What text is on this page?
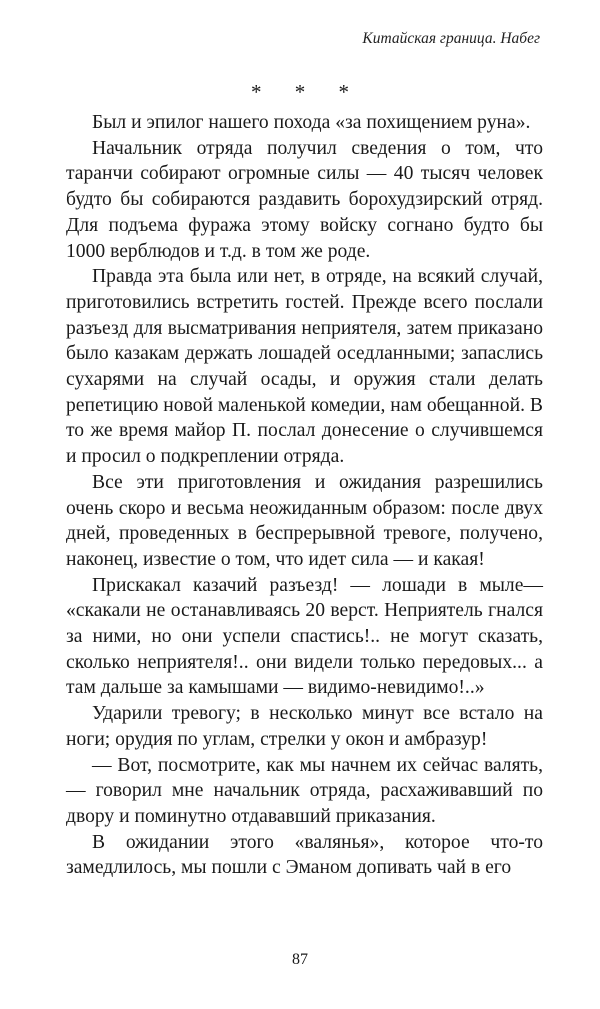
Китайская граница. Набег
* * *

Был и эпилог нашего похода «за похищением руна».

Начальник отряда получил сведения о том, что таранчи собирают огромные силы — 40 тысяч человек будто бы собираются раздавить борохудзирский отряд. Для подъема фуража этому войску согнано будто бы 1000 верблюдов и т.д. в том же роде.

Правда эта была или нет, в отряде, на всякий случай, приготовились встретить гостей. Прежде всего послали разъезд для высматривания неприятеля, затем приказано было казакам держать лошадей оседланными; запаслись сухарями на случай осады, и оружия стали делать репетицию новой маленькой комедии, нам обещанной. В то же время майор П. послал донесение о случившемся и просил о подкреплении отряда.

Все эти приготовления и ожидания разрешились очень скоро и весьма неожиданным образом: после двух дней, проведенных в беспрерывной тревоге, получено, наконец, известие о том, что идет сила — и какая!

Прискакал казачий разъезд! — лошади в мыле— «скакали не останавливаясь 20 верст. Неприятель гнался за ними, но они успели спастись!.. не могут сказать, сколько неприятеля!.. они видели только передовых... а там дальше за камышами — видимо-невидимо!..»

Ударили тревогу; в несколько минут все встало на ноги; орудия по углам, стрелки у окон и амбразур!

— Вот, посмотрите, как мы начнем их сейчас валять, — говорил мне начальник отряда, расхаживавший по двору и поминутно отдававший приказания.

В ожидании этого «валянья», которое что-то замедлилось, мы пошли с Эманом допивать чай в его

87
